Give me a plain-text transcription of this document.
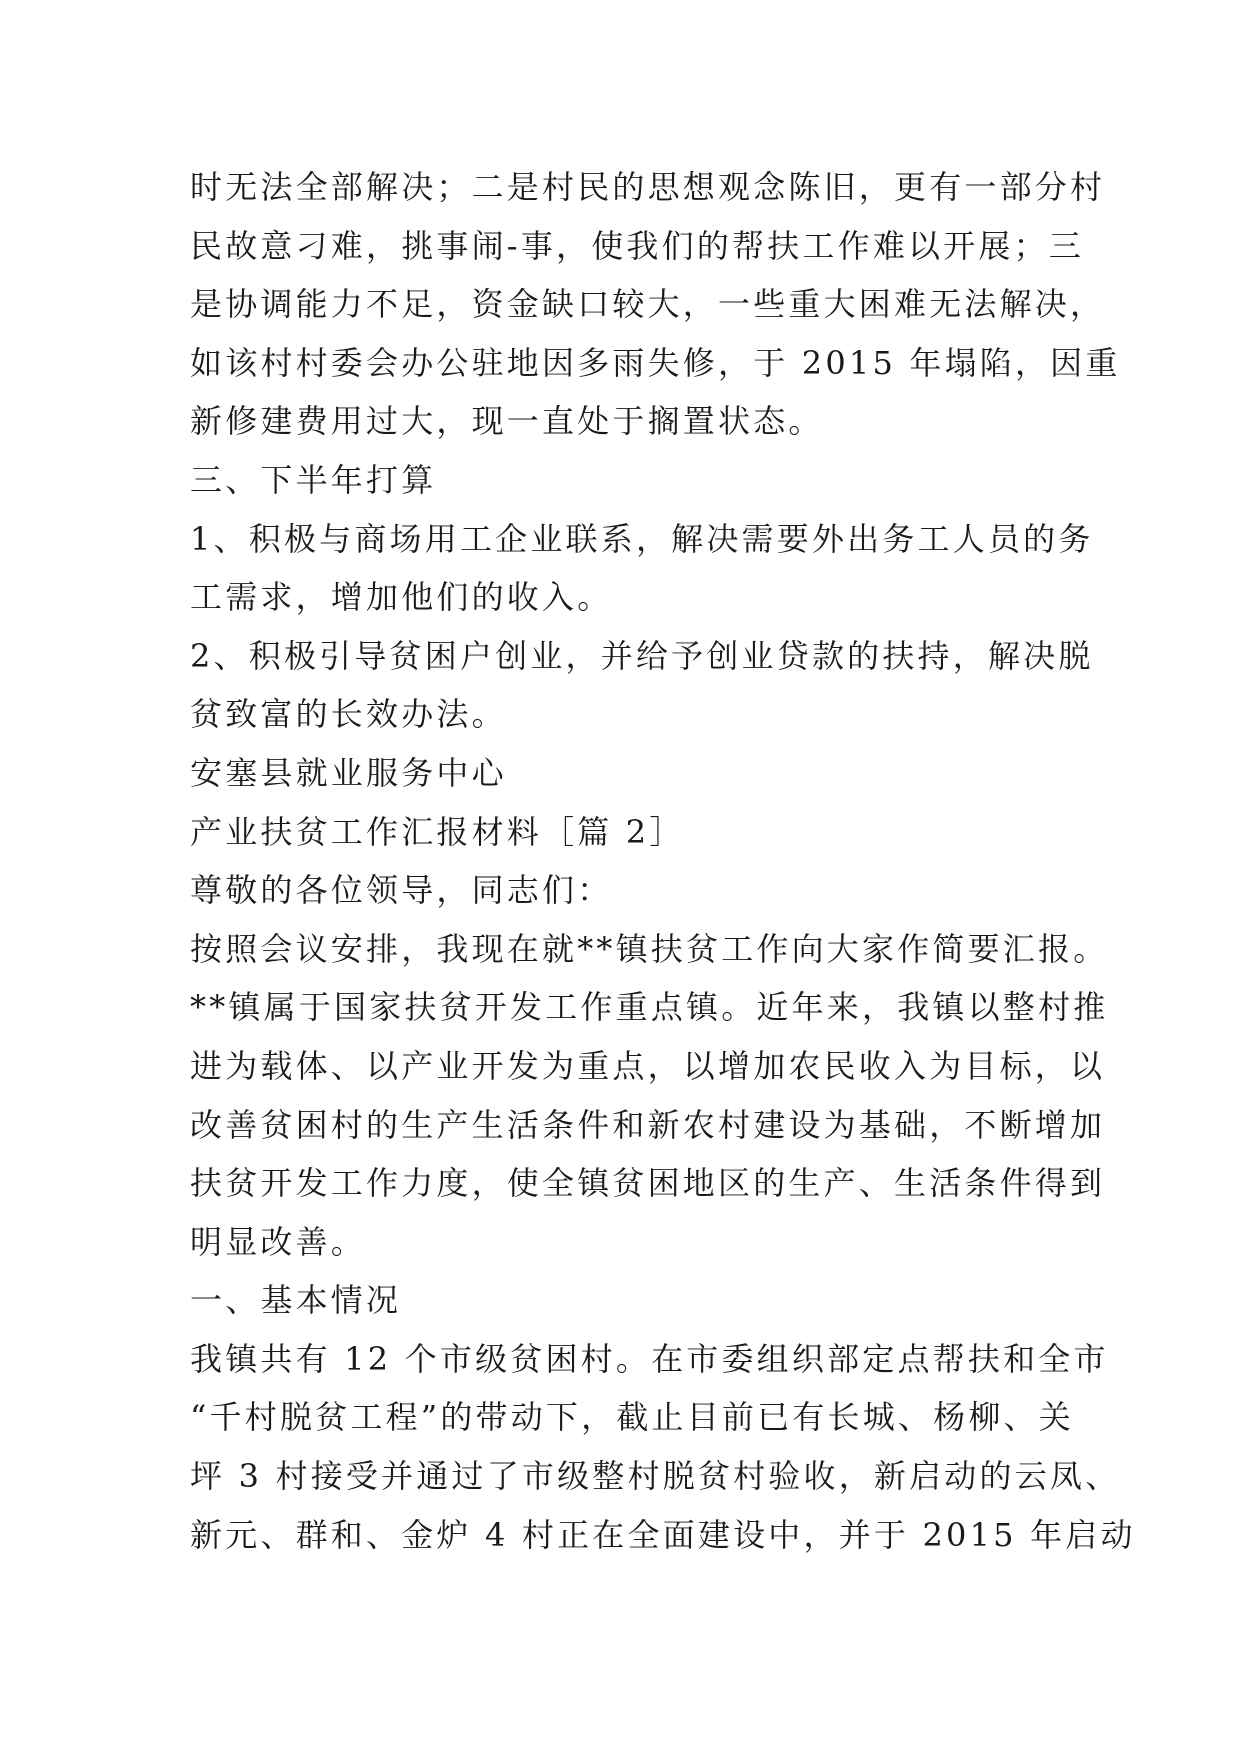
时无法全部解决；二是村民的思想观念陈旧，更有一部分村
民故意刁难，挑事闹-事，使我们的帮扶工作难以开展；三
是协调能力不足，资金缺口较大，一些重大困难无法解决，
如该村村委会办公驻地因多雨失修，于 2015 年塌陷，因重
新修建费用过大，现一直处于搁置状态。
三、下半年打算
1、积极与商场用工企业联系，解决需要外出务工人员的务
工需求，增加他们的收入。
2、积极引导贫困户创业，并给予创业贷款的扶持，解决脱
贫致富的长效办法。
安塞县就业服务中心
产业扶贫工作汇报材料［篇 2］
尊敬的各位领导，同志们：
按照会议安排，我现在就**镇扶贫工作向大家作简要汇报。
**镇属于国家扶贫开发工作重点镇。近年来，我镇以整村推
进为载体、以产业开发为重点，以增加农民收入为目标，以
改善贫困村的生产生活条件和新农村建设为基础，不断增加
扶贫开发工作力度，使全镇贫困地区的生产、生活条件得到
明显改善。
一、基本情况
我镇共有 12 个市级贫困村。在市委组织部定点帮扶和全市
“千村脱贫工程”的带动下，截止目前已有长城、杨柳、关
坪 3 村接受并通过了市级整村脱贫村验收，新启动的云凤、
新元、群和、金炉 4 村正在全面建设中，并于 2015 年启动
